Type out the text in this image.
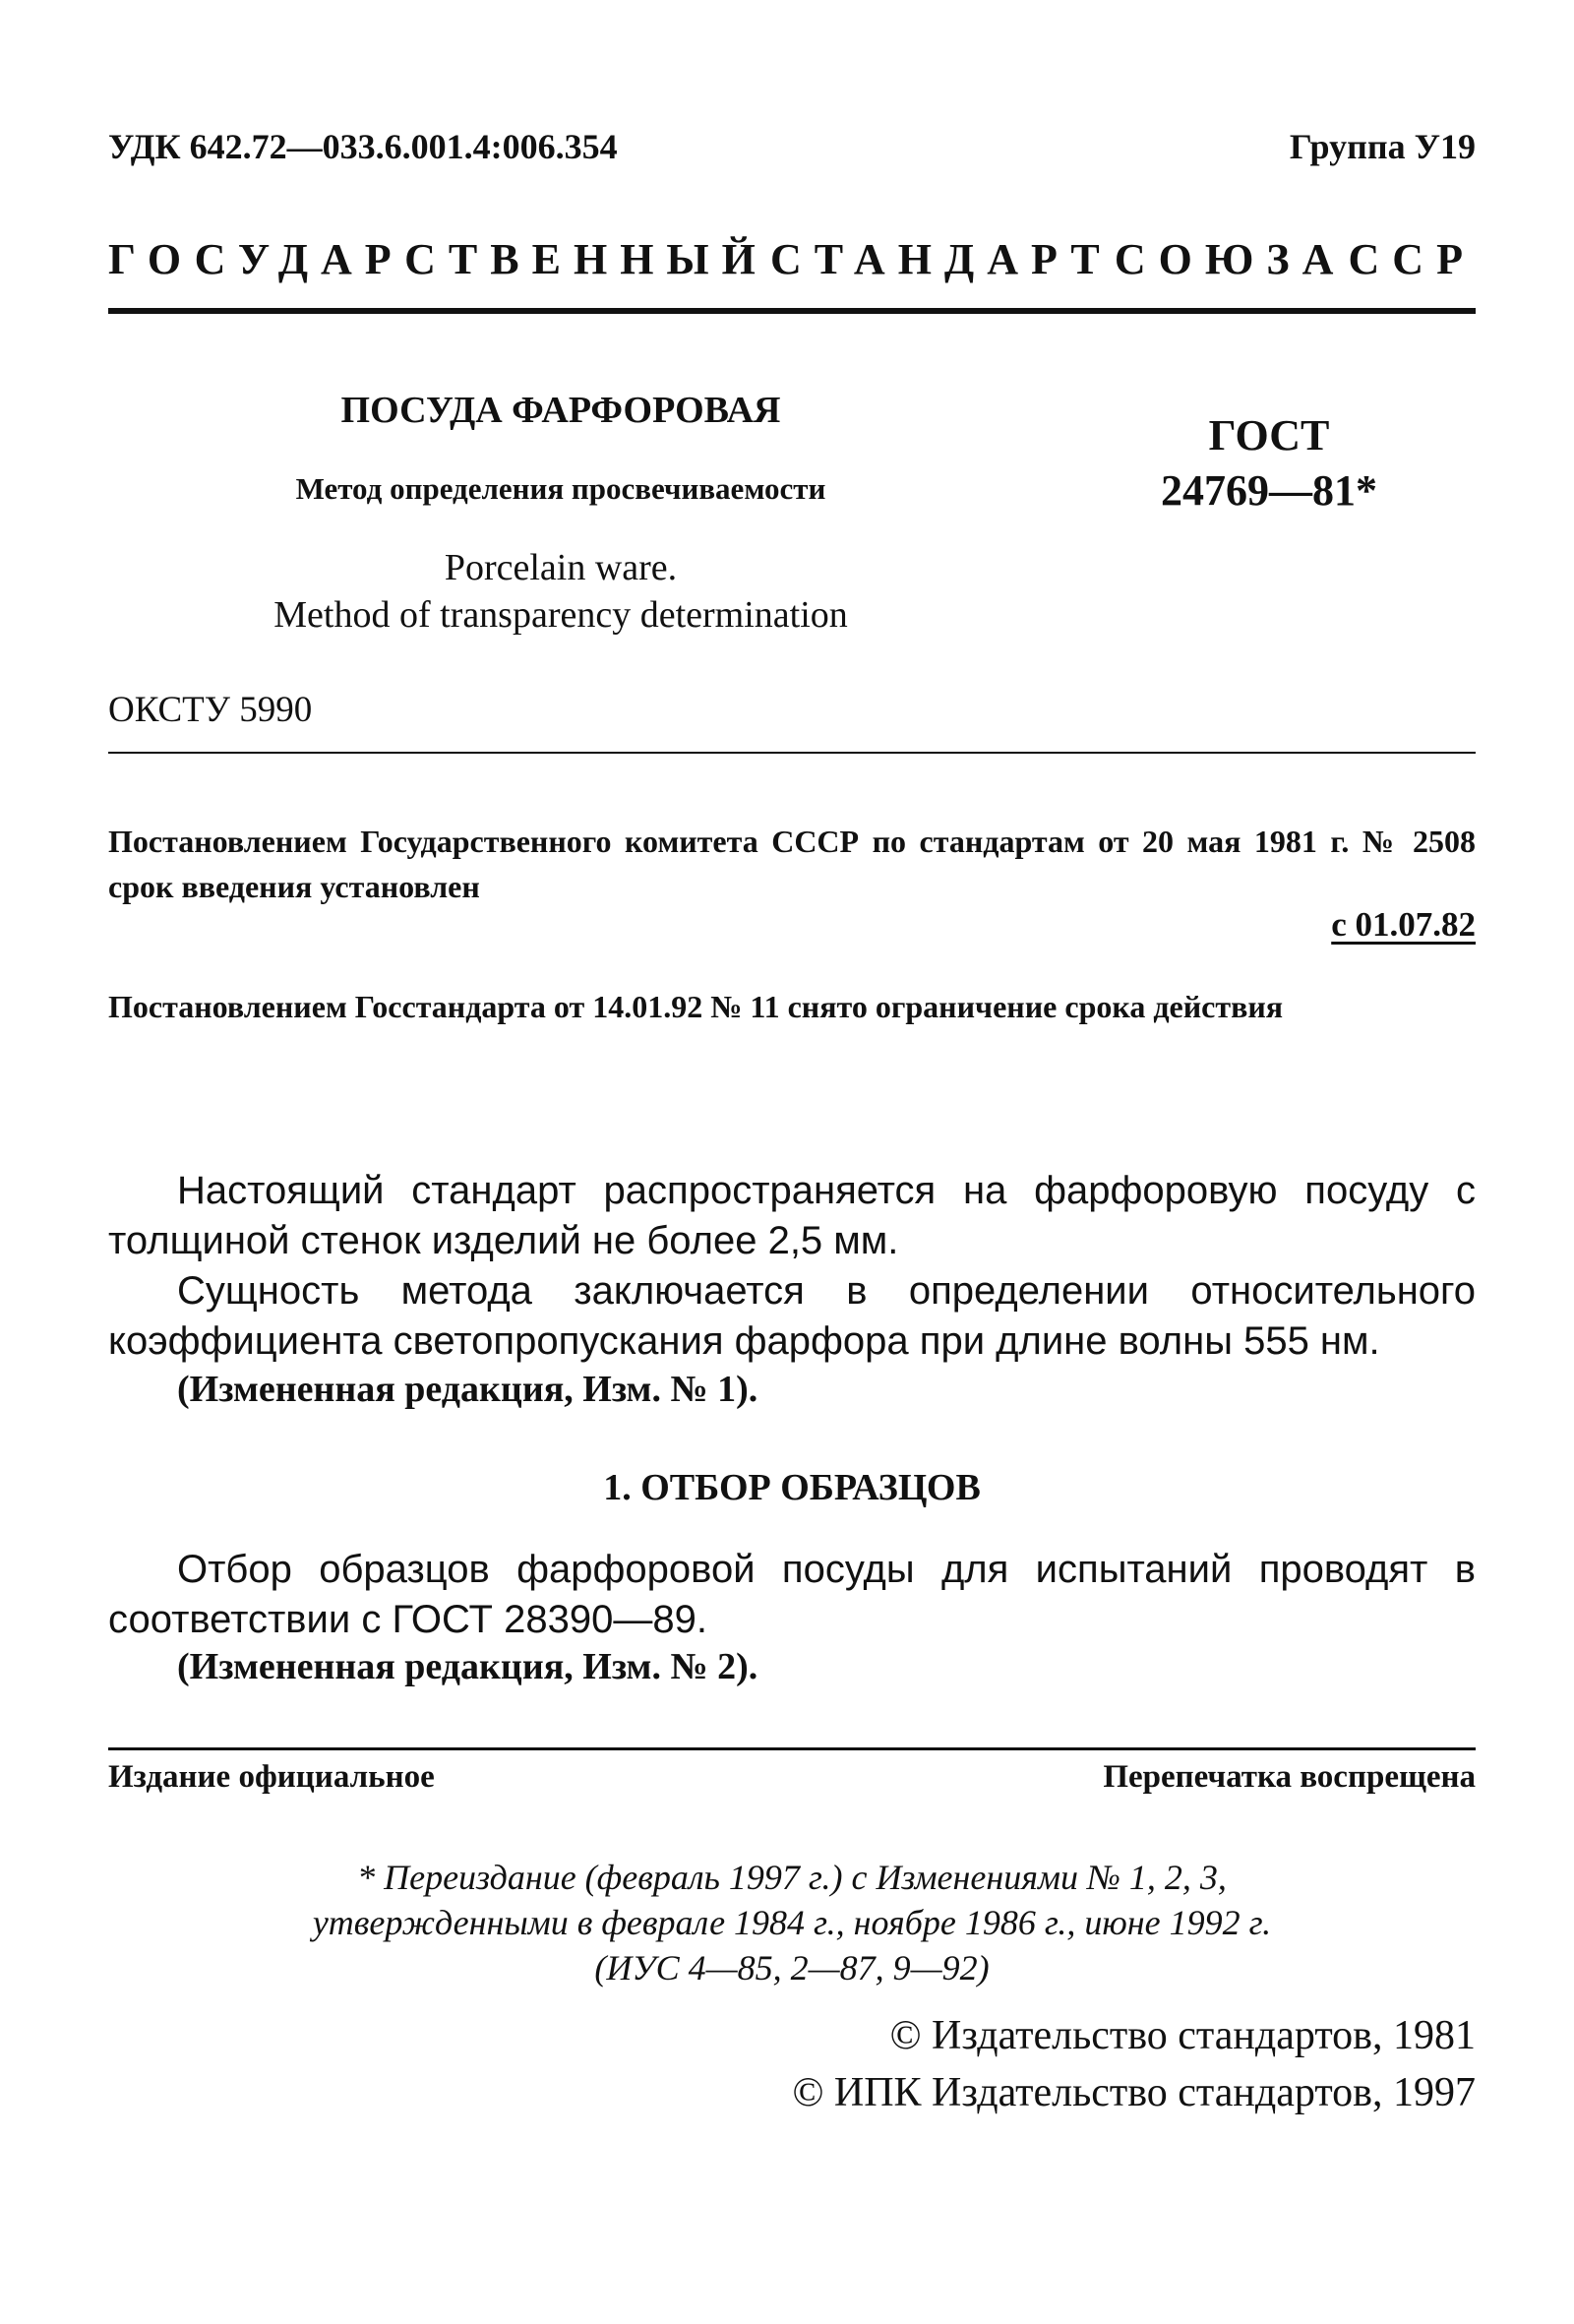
УДК 642.72—033.6.001.4:006.354	Группа У19
ГОСУДАРСТВЕННЫЙ СТАНДАРТ СОЮЗА ССР
ПОСУДА ФАРФОРОВАЯ
Метод определения просвечиваемости
Porcelain ware.
Method of transparency determination
ГОСТ
24769—81*
ОКСТУ 5990
Постановлением Государственного комитета СССР по стандартам от 20 мая 1981 г. № 2508 срок введения установлен
с 01.07.82
Постановлением Госстандарта от 14.01.92 № 11 снято ограничение срока действия

Настоящий стандарт распространяется на фарфоровую посуду с толщиной стенок изделий не более 2,5 мм.

Сущность метода заключается в определении относительного коэффициента светопропускания фарфора при длине волны 555 нм.

(Измененная редакция, Изм. № 1).
1. ОТБОР ОБРАЗЦОВ

Отбор образцов фарфоровой посуды для испытаний проводят в соответствии с ГОСТ 28390—89.

(Измененная редакция, Изм. № 2).
Издание официальное	Перепечатка воспрещена
* Переиздание (февраль 1997 г.) с Изменениями № 1, 2, 3,
утвержденными в феврале 1984 г., ноябре 1986 г., июне 1992 г.
(ИУС 4—85, 2—87, 9—92)
© Издательство стандартов, 1981
© ИПК Издательство стандартов, 1997
